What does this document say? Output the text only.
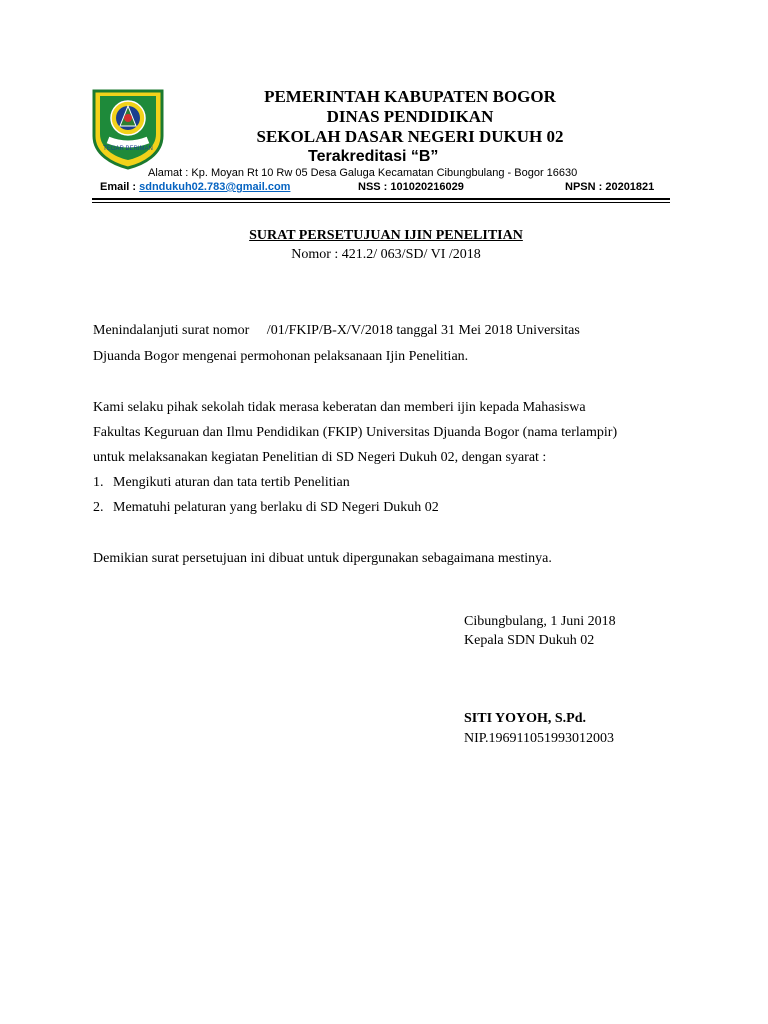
TEGAR BERIMAN
PEMERINTAH KABUPATEN BOGOR
DINAS PENDIDIKAN
SEKOLAH DASAR NEGERI DUKUH 02
Terakreditasi “B”
Alamat : Kp. Moyan Rt 10 Rw 05 Desa Galuga Kecamatan Cibungbulang - Bogor 16630
Email : sdndukuh02.783@gmail.com	NSS : 101020216029	NPSN : 20201821
SURAT PERSETUJUAN IJIN PENELITIAN
Nomor : 421.2/ 063/SD/ VI /2018
Menindalanjuti surat nomor     /01/FKIP/B-X/V/2018 tanggal 31 Mei 2018 Universitas
Djuanda Bogor mengenai permohonan pelaksanaan Ijin Penelitian.
Kami selaku pihak sekolah tidak merasa keberatan dan memberi ijin kepada Mahasiswa
Fakultas Keguruan dan Ilmu Pendidikan (FKIP) Universitas Djuanda Bogor (nama terlampir)
untuk melaksanakan kegiatan Penelitian di SD Negeri Dukuh 02, dengan syarat :
1. Mengikuti aturan dan tata tertib Penelitian
2. Mematuhi pelaturan yang berlaku di SD Negeri Dukuh 02
Demikian surat persetujuan ini dibuat untuk dipergunakan sebagaimana mestinya.
Cibungbulang, 1 Juni 2018
Kepala SDN Dukuh 02
SITI YOYOH, S.Pd.
NIP.196911051993012003
